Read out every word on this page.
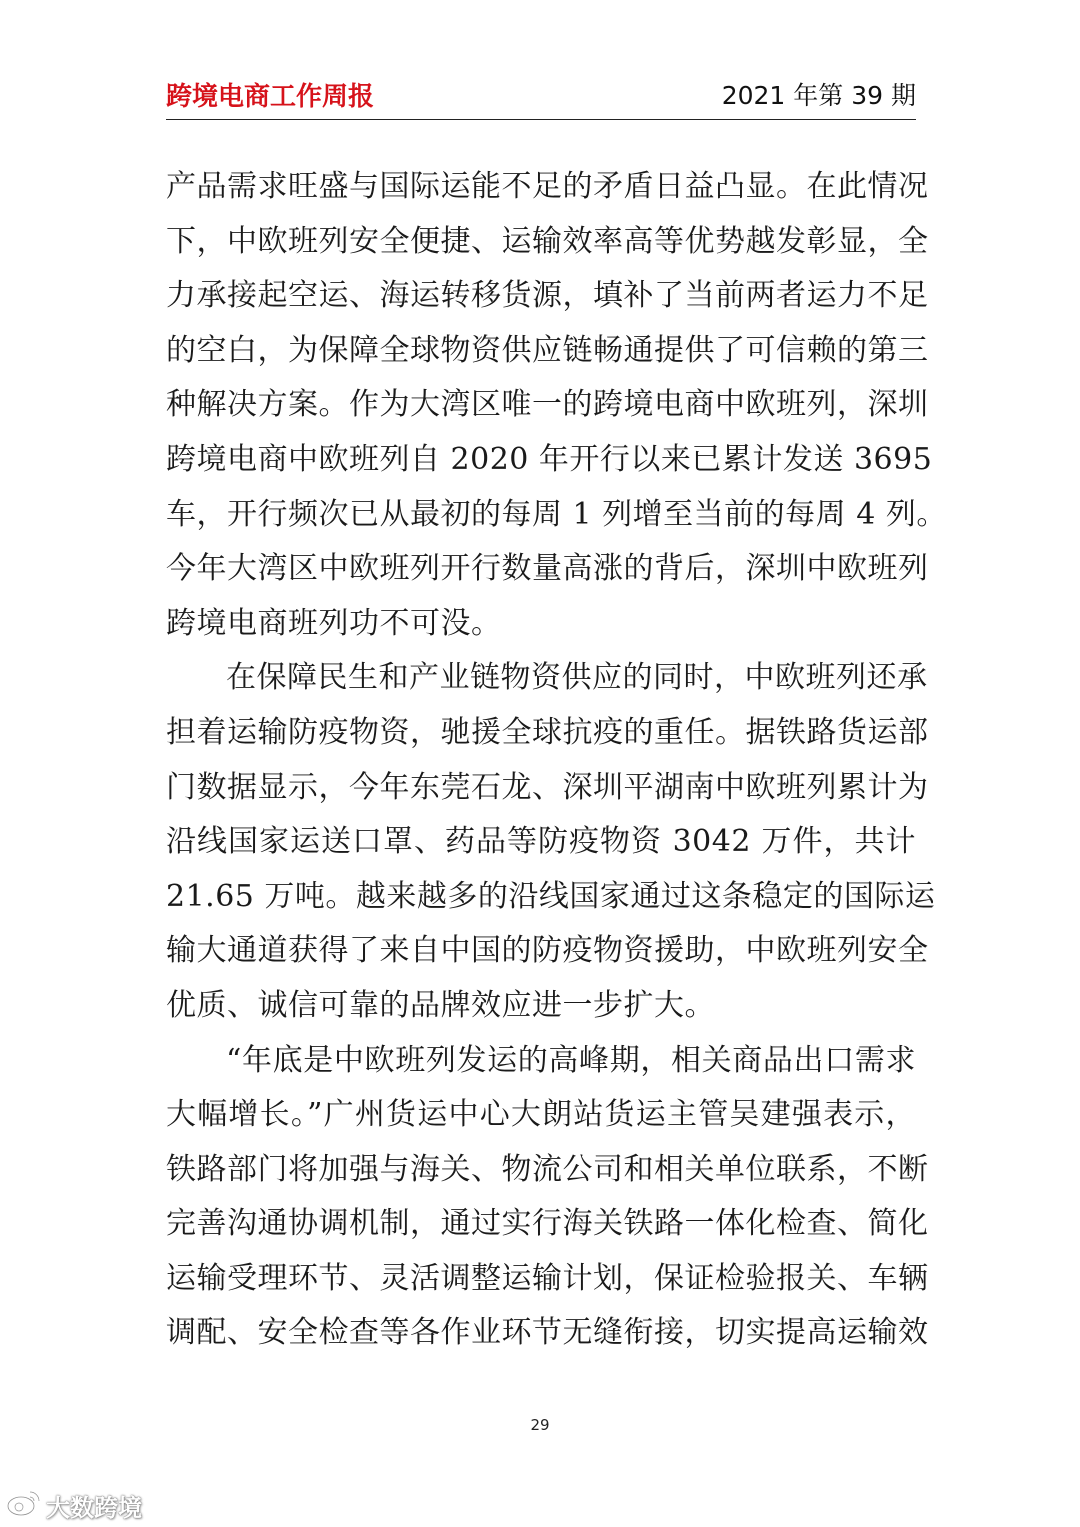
跨境电商工作周报	2021 年第 39 期
产品需求旺盛与国际运能不足的矛盾日益凸显。在此情况
下，中欧班列安全便捷、运输效率高等优势越发彰显，全
力承接起空运、海运转移货源，填补了当前两者运力不足
的空白，为保障全球物资供应链畅通提供了可信赖的第三
种解决方案。作为大湾区唯一的跨境电商中欧班列，深圳
跨境电商中欧班列自 2020 年开行以来已累计发送 3695
车，开行频次已从最初的每周 1 列增至当前的每周 4 列。
今年大湾区中欧班列开行数量高涨的背后，深圳中欧班列
跨境电商班列功不可没。
在保障民生和产业链物资供应的同时，中欧班列还承
担着运输防疫物资，驰援全球抗疫的重任。据铁路货运部
门数据显示，今年东莞石龙、深圳平湖南中欧班列累计为
沿线国家运送口罩、药品等防疫物资 3042 万件，共计
21.65 万吨。越来越多的沿线国家通过这条稳定的国际运
输大通道获得了来自中国的防疫物资援助，中欧班列安全
优质、诚信可靠的品牌效应进一步扩大。
“年底是中欧班列发运的高峰期，相关商品出口需求
大幅增长。”广州货运中心大朗站货运主管吴建强表示，
铁路部门将加强与海关、物流公司和相关单位联系，不断
完善沟通协调机制，通过实行海关铁路一体化检查、简化
运输受理环节、灵活调整运输计划，保证检验报关、车辆
调配、安全检查等各作业环节无缝衔接，切实提高运输效
29
大数跨境
